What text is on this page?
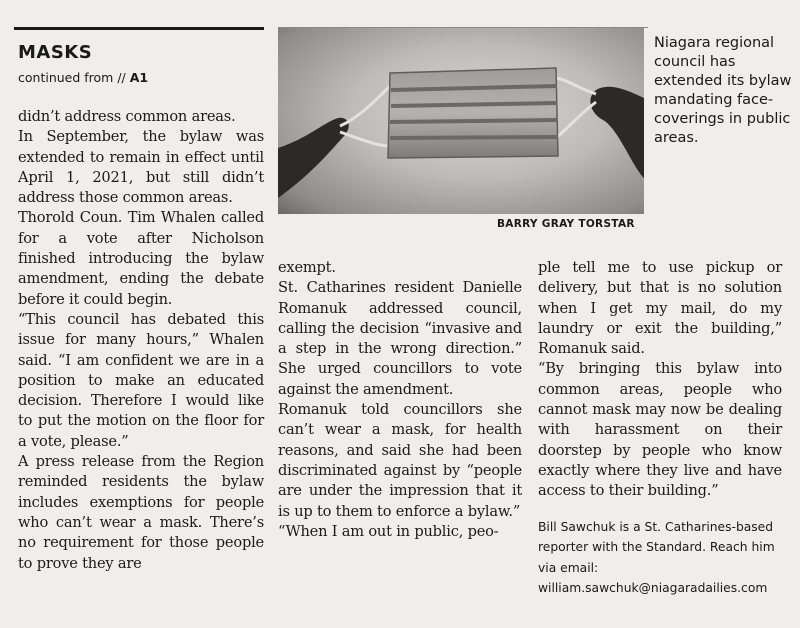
MASKS
continued from // A1
BARRY GRAY TORSTAR
Niagara regional council has extended its bylaw mandating face-coverings in public areas.

didn’t address common areas.

In September, the bylaw was extended to remain in effect until April 1, 2021, but still didn’t address those common areas.

Thorold Coun. Tim Whalen called for a vote after Nicholson finished introducing the bylaw amendment, ending the debate before it could begin.

“This council has debated this issue for many hours,” Whalen said. “I am confident we are in a position to make an educated decision. Therefore I would like to put the motion on the floor for a vote, please.”

A press release from the Region reminded residents the bylaw includes exemptions for people who can’t wear a mask. There’s no requirement for those people to prove they are

exempt.

St. Catharines resident Danielle Romanuk addressed council, calling the decision “invasive and a step in the wrong direction.” She urged councillors to vote against the amendment.

Romanuk told councillors she can’t wear a mask, for health reasons, and said she had been discriminated against by “people are under the impression that it is up to them to enforce a bylaw.”

“When I am out in public, peo-

ple tell me to use pickup or delivery, but that is no solution when I get my mail, do my laundry or exit the building,” Romanuk said.

“By bringing this bylaw into common areas, people who cannot mask may now be dealing with harassment on their doorstep by people who know exactly where they live and have access to their building.”

Bill Sawchuk is a St. Catharines-based reporter with the Standard. Reach him via email: william.sawchuk@niagaradailies.com
